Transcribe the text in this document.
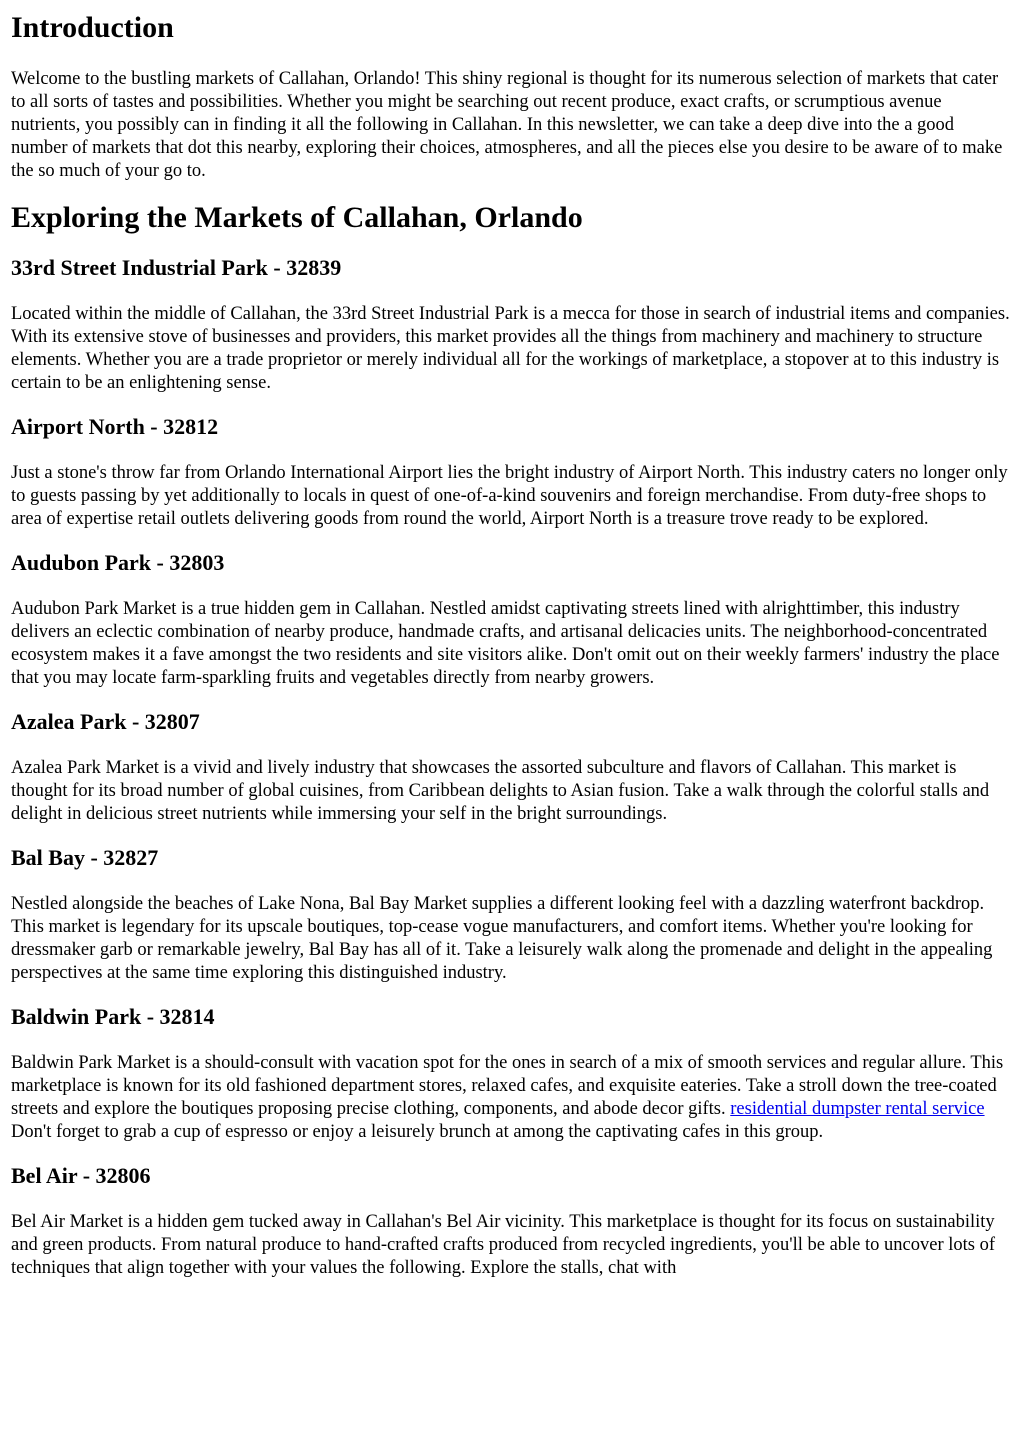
Introduction

Welcome to the bustling markets of Callahan, Orlando! This shiny regional is thought for its numerous selection of markets that cater to all sorts of tastes and possibilities. Whether you might be searching out recent produce, exact crafts, or scrumptious avenue nutrients, you possibly can in finding it all the following in Callahan. In this newsletter, we can take a deep dive into the a good number of markets that dot this nearby, exploring their choices, atmospheres, and all the pieces else you desire to be aware of to make the so much of your go to.

Exploring the Markets of Callahan, Orlando
33rd Street Industrial Park - 32839

Located within the middle of Callahan, the 33rd Street Industrial Park is a mecca for those in search of industrial items and companies. With its extensive stove of businesses and providers, this market provides all the things from machinery and machinery to structure elements. Whether you are a trade proprietor or merely individual all for the workings of marketplace, a stopover at to this industry is certain to be an enlightening sense.

Airport North - 32812

Just a stone's throw far from Orlando International Airport lies the bright industry of Airport North. This industry caters no longer only to guests passing by yet additionally to locals in quest of one-of-a-kind souvenirs and foreign merchandise. From duty-free shops to area of expertise retail outlets delivering goods from round the world, Airport North is a treasure trove ready to be explored.

Audubon Park - 32803

Audubon Park Market is a true hidden gem in Callahan. Nestled amidst captivating streets lined with alrighttimber, this industry delivers an eclectic combination of nearby produce, handmade crafts, and artisanal delicacies units. The neighborhood-concentrated ecosystem makes it a fave amongst the two residents and site visitors alike. Don't omit out on their weekly farmers' industry the place that you may locate farm-sparkling fruits and vegetables directly from nearby growers.

Azalea Park - 32807

Azalea Park Market is a vivid and lively industry that showcases the assorted subculture and flavors of Callahan. This market is thought for its broad number of global cuisines, from Caribbean delights to Asian fusion. Take a walk through the colorful stalls and delight in delicious street nutrients while immersing your self in the bright surroundings.

Bal Bay - 32827

Nestled alongside the beaches of Lake Nona, Bal Bay Market supplies a different looking feel with a dazzling waterfront backdrop. This market is legendary for its upscale boutiques, top-cease vogue manufacturers, and comfort items. Whether you're looking for dressmaker garb or remarkable jewelry, Bal Bay has all of it. Take a leisurely walk along the promenade and delight in the appealing perspectives at the same time exploring this distinguished industry.

Baldwin Park - 32814

Baldwin Park Market is a should-consult with vacation spot for the ones in search of a mix of smooth services and regular allure. This marketplace is known for its old fashioned department stores, relaxed cafes, and exquisite eateries. Take a stroll down the tree-coated streets and explore the boutiques proposing precise clothing, components, and abode decor gifts. residential dumpster rental service Don't forget to grab a cup of espresso or enjoy a leisurely brunch at among the captivating cafes in this group.

Bel Air - 32806

Bel Air Market is a hidden gem tucked away in Callahan's Bel Air vicinity. This marketplace is thought for its focus on sustainability and green products. From natural produce to hand-crafted crafts produced from recycled ingredients, you'll be able to uncover lots of techniques that align together with your values the following. Explore the stalls, chat with
